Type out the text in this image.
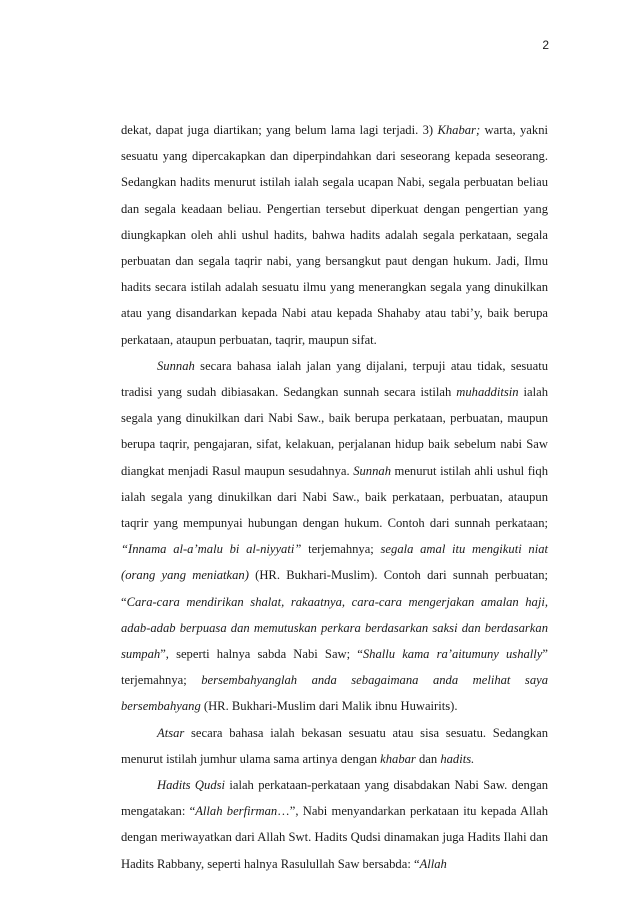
2

dekat, dapat juga diartikan; yang belum lama lagi terjadi. 3) Khabar; warta, yakni sesuatu yang dipercakapkan dan diperpindahkan dari seseorang kepada seseorang. Sedangkan hadits menurut istilah ialah segala ucapan Nabi, segala perbuatan beliau dan segala keadaan beliau. Pengertian tersebut diperkuat dengan pengertian yang diungkapkan oleh ahli ushul hadits, bahwa hadits adalah segala perkataan, segala perbuatan dan segala taqrir nabi, yang bersangkut paut dengan hukum. Jadi, Ilmu hadits secara istilah adalah sesuatu ilmu yang menerangkan segala yang dinukilkan atau yang disandarkan kepada Nabi atau kepada Shahaby atau tabi’y, baik berupa perkataan, ataupun perbuatan, taqrir, maupun sifat.

Sunnah secara bahasa ialah jalan yang dijalani, terpuji atau tidak, sesuatu tradisi yang sudah dibiasakan. Sedangkan sunnah secara istilah muhadditsin ialah segala yang dinukilkan dari Nabi Saw., baik berupa perkataan, perbuatan, maupun berupa taqrir, pengajaran, sifat, kelakuan, perjalanan hidup baik sebelum nabi Saw diangkat menjadi Rasul maupun sesudahnya. Sunnah menurut istilah ahli ushul fiqh ialah segala yang dinukilkan dari Nabi Saw., baik perkataan, perbuatan, ataupun taqrir yang mempunyai hubungan dengan hukum. Contoh dari sunnah perkataan; “Innama al-a’malu bi al-niyyati” terjemahnya; segala amal itu mengikuti niat (orang yang meniatkan) (HR. Bukhari-Muslim). Contoh dari sunnah perbuatan; “Cara-cara mendirikan shalat, rakaatnya, cara-cara mengerjakan amalan haji, adab-adab berpuasa dan memutuskan perkara berdasarkan saksi dan berdasarkan sumpah”, seperti halnya sabda Nabi Saw; “Shallu kama ra’aitumuny ushally” terjemahnya; bersembahyanglah anda sebagaimana anda melihat saya bersembahyang (HR. Bukhari-Muslim dari Malik ibnu Huwairits).

Atsar secara bahasa ialah bekasan sesuatu atau sisa sesuatu. Sedangkan menurut istilah jumhur ulama sama artinya dengan khabar dan hadits.

Hadits Qudsi ialah perkataan-perkataan yang disabdakan Nabi Saw. dengan mengatakan: “Allah berfirman…”, Nabi menyandarkan perkataan itu kepada Allah dengan meriwayatkan dari Allah Swt. Hadits Qudsi dinamakan juga Hadits Ilahi dan Hadits Rabbany, seperti halnya Rasulullah Saw bersabda: “Allah
